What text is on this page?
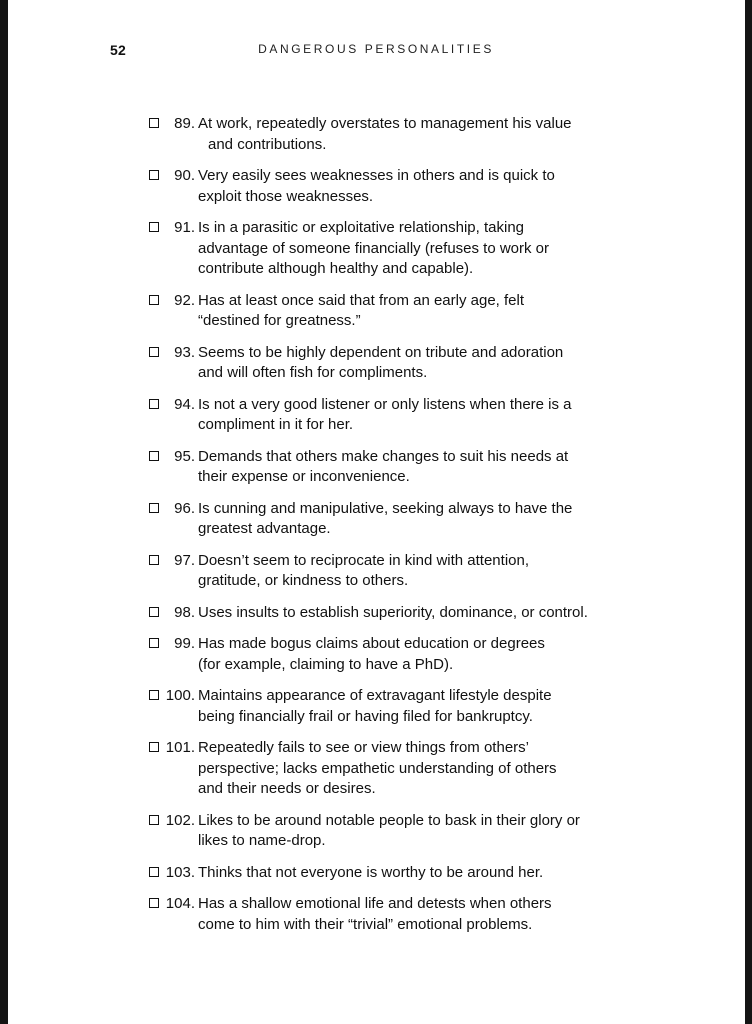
52	DANGEROUS PERSONALITIES
89. At work, repeatedly overstates to management his value
and contributions.
90. Very easily sees weaknesses in others and is quick to
exploit those weaknesses.
91. Is in a parasitic or exploitative relationship, taking
advantage of someone financially (refuses to work or
contribute although healthy and capable).
92. Has at least once said that from an early age, felt
“destined for greatness.”
93. Seems to be highly dependent on tribute and adoration
and will often fish for compliments.
94. Is not a very good listener or only listens when there is a
compliment in it for her.
95. Demands that others make changes to suit his needs at
their expense or inconvenience.
96. Is cunning and manipulative, seeking always to have the
greatest advantage.
97. Doesn’t seem to reciprocate in kind with attention,
gratitude, or kindness to others.
98. Uses insults to establish superiority, dominance, or control.
99. Has made bogus claims about education or degrees
(for example, claiming to have a PhD).
100. Maintains appearance of extravagant lifestyle despite
being financially frail or having filed for bankruptcy.
101. Repeatedly fails to see or view things from others’
perspective; lacks empathetic understanding of others
and their needs or desires.
102. Likes to be around notable people to bask in their glory or
likes to name-drop.
103. Thinks that not everyone is worthy to be around her.
104. Has a shallow emotional life and detests when others
come to him with their “trivial” emotional problems.
